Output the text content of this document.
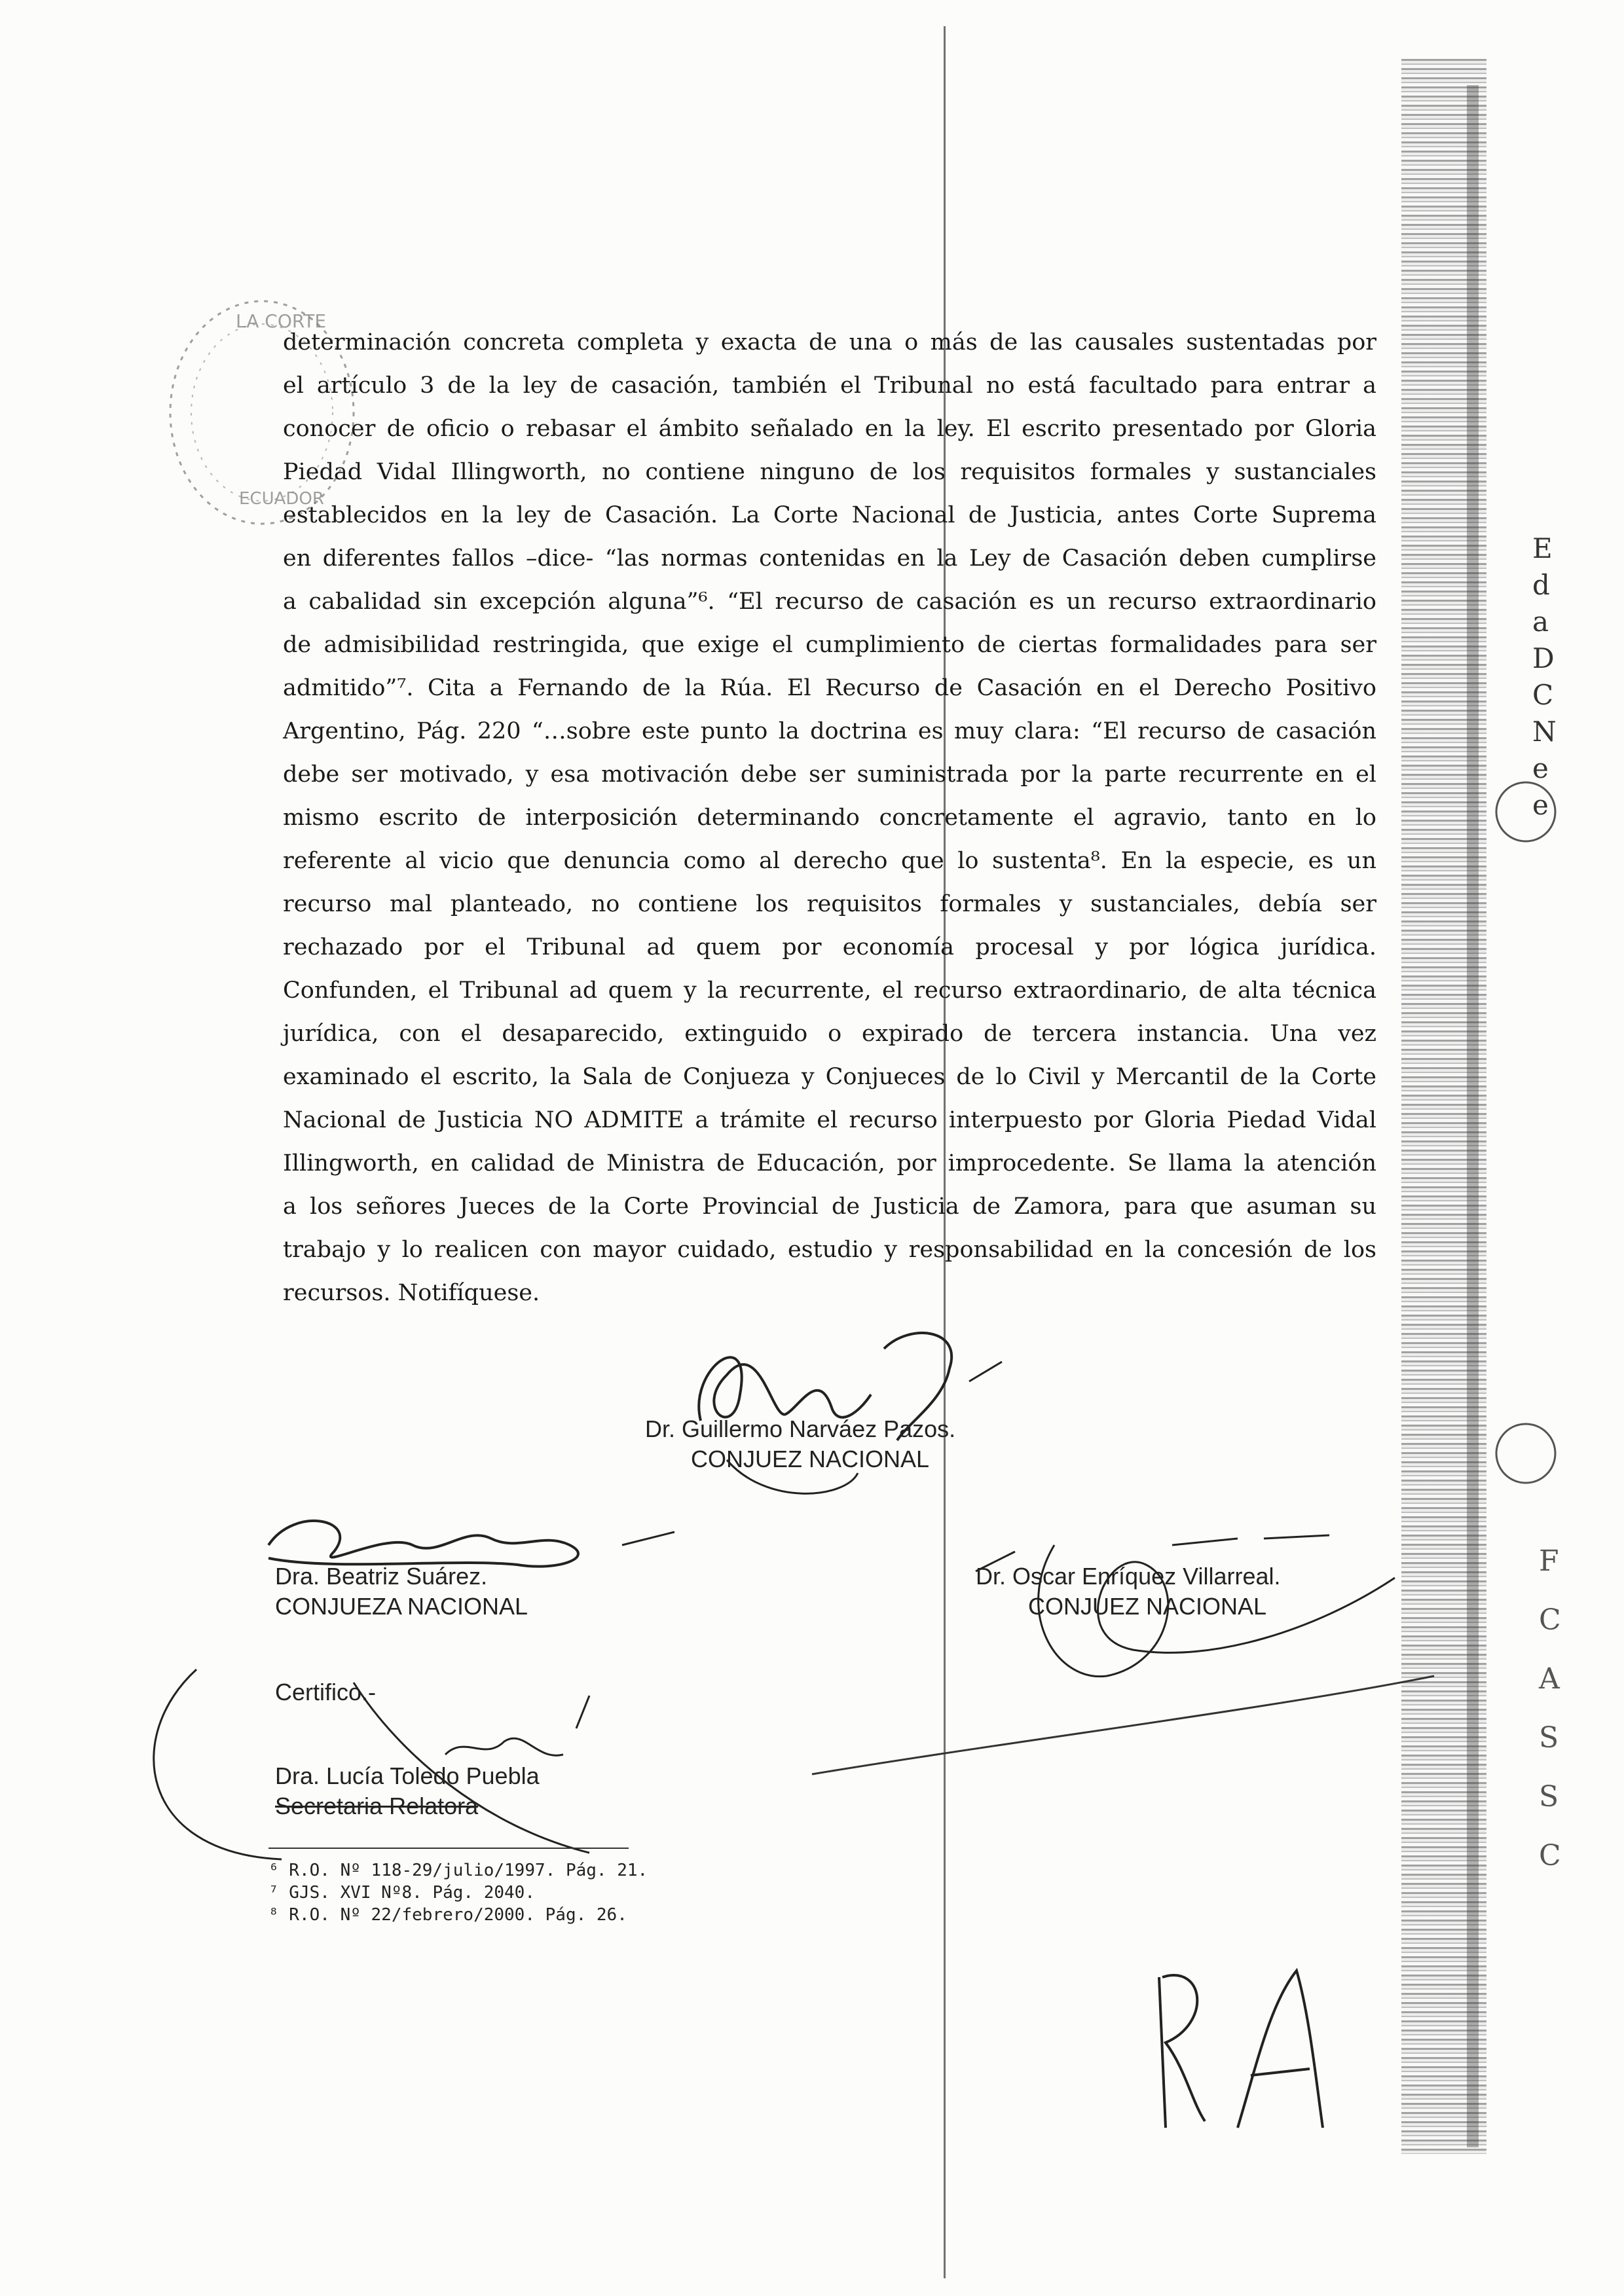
LA CORTE
ECUADOR
determinación concreta completa y exacta de una o más de las causales sustentadas por
el artículo 3 de la ley de casación, también el Tribunal no está facultado para entrar a
conocer de oficio o rebasar el ámbito señalado en la ley. El escrito presentado por Gloria
Piedad Vidal Illingworth, no contiene ninguno de los requisitos formales y sustanciales
establecidos en la ley de Casación. La Corte Nacional de Justicia, antes Corte Suprema
en diferentes fallos –dice- “las normas contenidas en la Ley de Casación deben cumplirse
a cabalidad sin excepción alguna”⁶. “El recurso de casación es un recurso extraordinario
de admisibilidad restringida, que exige el cumplimiento de ciertas formalidades para ser
admitido”⁷. Cita a Fernando de la Rúa. El Recurso de Casación en el Derecho Positivo
Argentino, Pág. 220 “…sobre este punto la doctrina es muy clara: “El recurso de casación
debe ser motivado, y esa motivación debe ser suministrada por la parte recurrente en el
mismo escrito de interposición determinando concretamente el agravio, tanto en lo
referente al vicio que denuncia como al derecho que lo sustenta⁸. En la especie, es un
recurso mal planteado, no contiene los requisitos formales y sustanciales, debía ser
rechazado por el Tribunal ad quem por economía procesal y por lógica jurídica.
Confunden, el Tribunal ad quem y la recurrente, el recurso extraordinario, de alta técnica
jurídica, con el desaparecido, extinguido o expirado de tercera instancia. Una vez
examinado el escrito, la Sala de Conjueza y Conjueces de lo Civil y Mercantil de la Corte
Nacional de Justicia NO ADMITE a trámite el recurso interpuesto por Gloria Piedad Vidal
Illingworth, en calidad de Ministra de Educación, por improcedente. Se llama la atención
a los señores Jueces de la Corte Provincial de Justicia de Zamora, para que asuman su
trabajo y lo realicen con mayor cuidado, estudio y responsabilidad en la concesión de los
recursos. Notifíquese.
Dr. Guillermo Narváez Pazos.
CONJUEZ NACIONAL
Dra. Beatriz Suárez.
CONJUEZA NACIONAL
Dr. Oscar Enríquez Villarreal.
CONJUEZ NACIONAL
Certifico.-
Dra. Lucía Toledo Puebla
Secretaria Relatora
⁶ R.O. Nº 118-29/julio/1997. Pág. 21.
⁷ GJS. XVI Nº8. Pág. 2040.
⁸ R.O. Nº 22/febrero/2000. Pág. 26.
E
d
a
D
C
N
e
e
F
C
A
S
S
C
